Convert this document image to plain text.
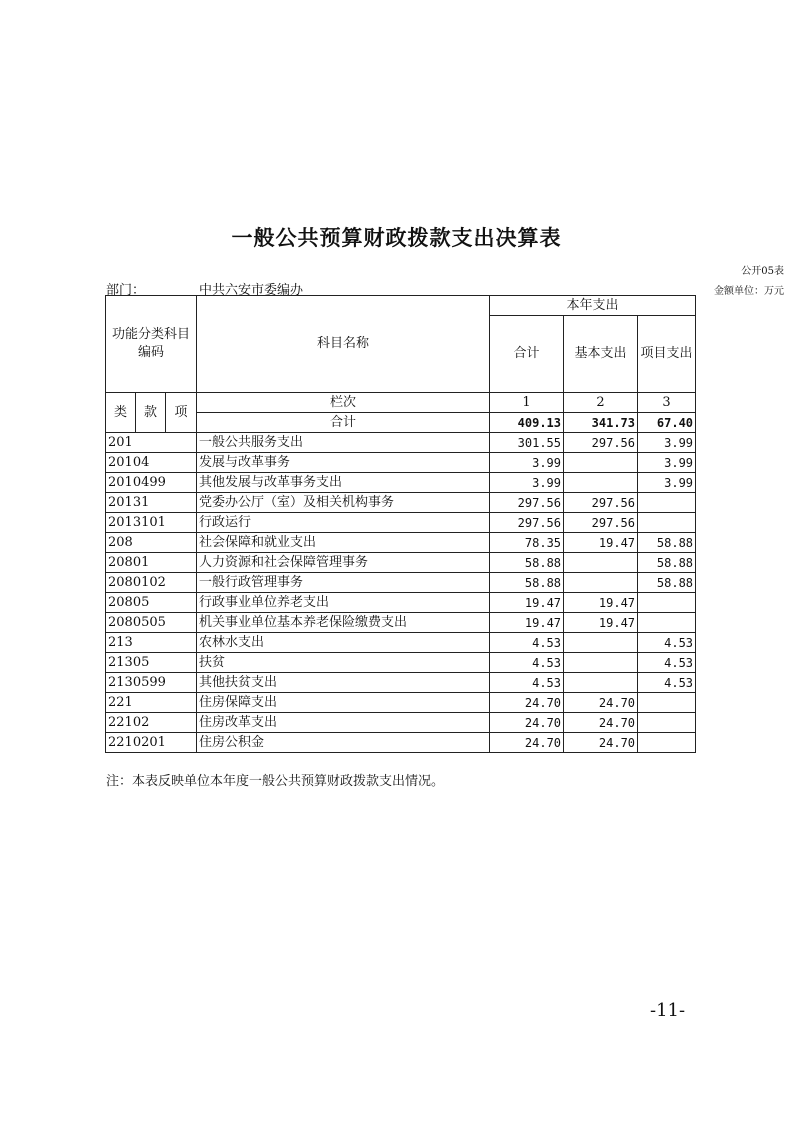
一般公共预算财政拨款支出决算表
公开05表
金额单位：万元
部门：	中共六安市委编办
功能分类科目编码			科目名称	本年支出		
				合计	基本支出	项目支出

类	款	项	栏次	1	2	3
			合计	409.13	341.73	67.40
201			一般公共服务支出	301.55	297.56	3.99
20104			发展与改革事务	3.99		3.99
2010499			其他发展与改革事务支出	3.99		3.99
20131			党委办公厅（室）及相关机构事务	297.56	297.56	
2013101			行政运行	297.56	297.56	
208			社会保障和就业支出	78.35	19.47	58.88
20801			人力资源和社会保障管理事务	58.88		58.88
2080102			一般行政管理事务	58.88		58.88
20805			行政事业单位养老支出	19.47	19.47	
2080505			机关事业单位基本养老保险缴费支出	19.47	19.47	
213			农林水支出	4.53		4.53
21305			扶贫	4.53		4.53
2130599			其他扶贫支出	4.53		4.53
221			住房保障支出	24.70	24.70	
22102			住房改革支出	24.70	24.70	
2210201			住房公积金	24.70	24.70	
注：本表反映单位本年度一般公共预算财政拨款支出情况。
-11-
